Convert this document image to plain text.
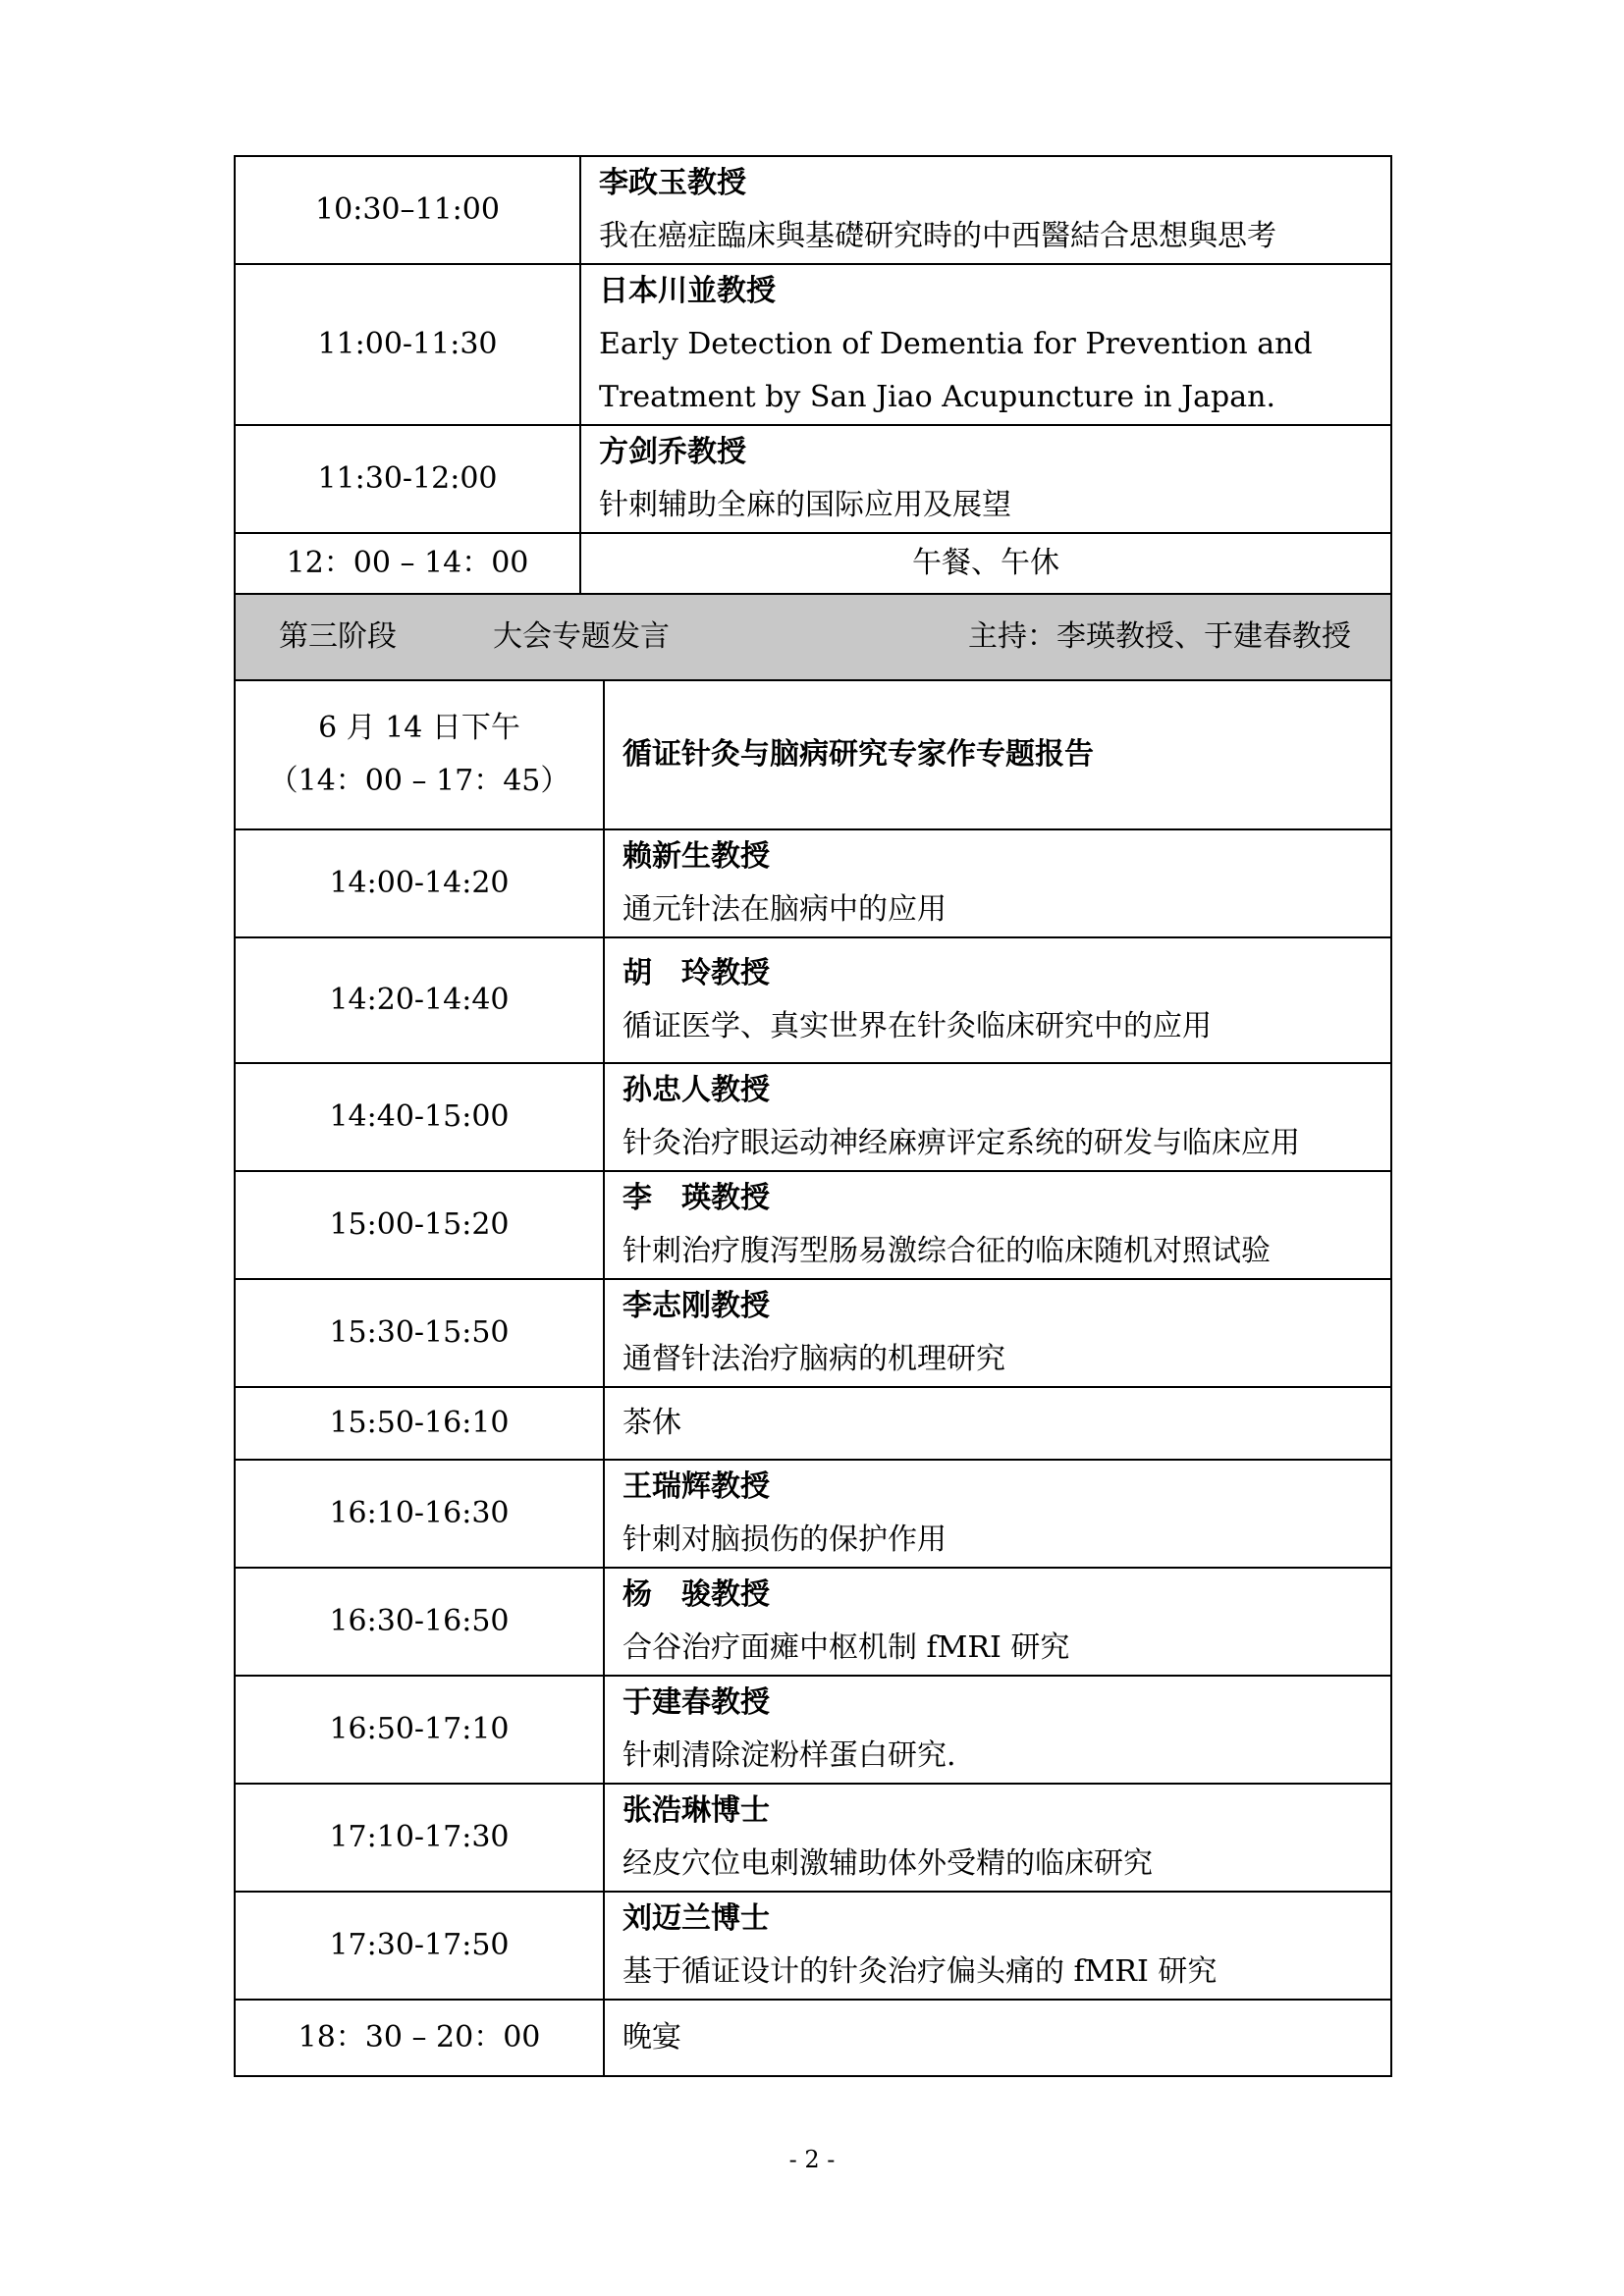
10:30–11:00	李政玉教授
我在癌症臨床與基礎研究時的中西醫結合思想與思考	

11:00-11:30	日本川並教授
Early Detection of Dementia for Prevention and Treatment by San Jiao Acupuncture in Japan.	

11:30-12:00	方剑乔教授
针刺辅助全麻的国际应用及展望	

12：00 – 14：00	午餐、午休	

第三阶段 大会专题发言 主持：李瑛教授、于建春教授		

6 月 14 日下午
（14：00 – 17：45）		循证针灸与脑病研究专家作专题报告
14:00-14:20		赖新生教授
通元针法在脑病中的应用

14:20-14:40		胡　玲教授
循证医学、真实世界在针灸临床研究中的应用

14:40-15:00		孙忠人教授
针灸治疗眼运动神经麻痹评定系统的研发与临床应用

15:00-15:20		李　瑛教授
针刺治疗腹泻型肠易激综合征的临床随机对照试验

15:30-15:50		李志刚教授
通督针法治疗脑病的机理研究

15:50-16:10		茶休
16:10-16:30		王瑞辉教授
针刺对脑损伤的保护作用

16:30-16:50		杨　骏教授
合谷治疗面瘫中枢机制 fMRI 研究

16:50-17:10		于建春教授
针刺清除淀粉样蛋白研究.

17:10-17:30		张浩琳博士
经皮穴位电刺激辅助体外受精的临床研究

17:30-17:50		刘迈兰博士
基于循证设计的针灸治疗偏头痛的 fMRI 研究

18：30 – 20：00		晚宴
- 2 -
